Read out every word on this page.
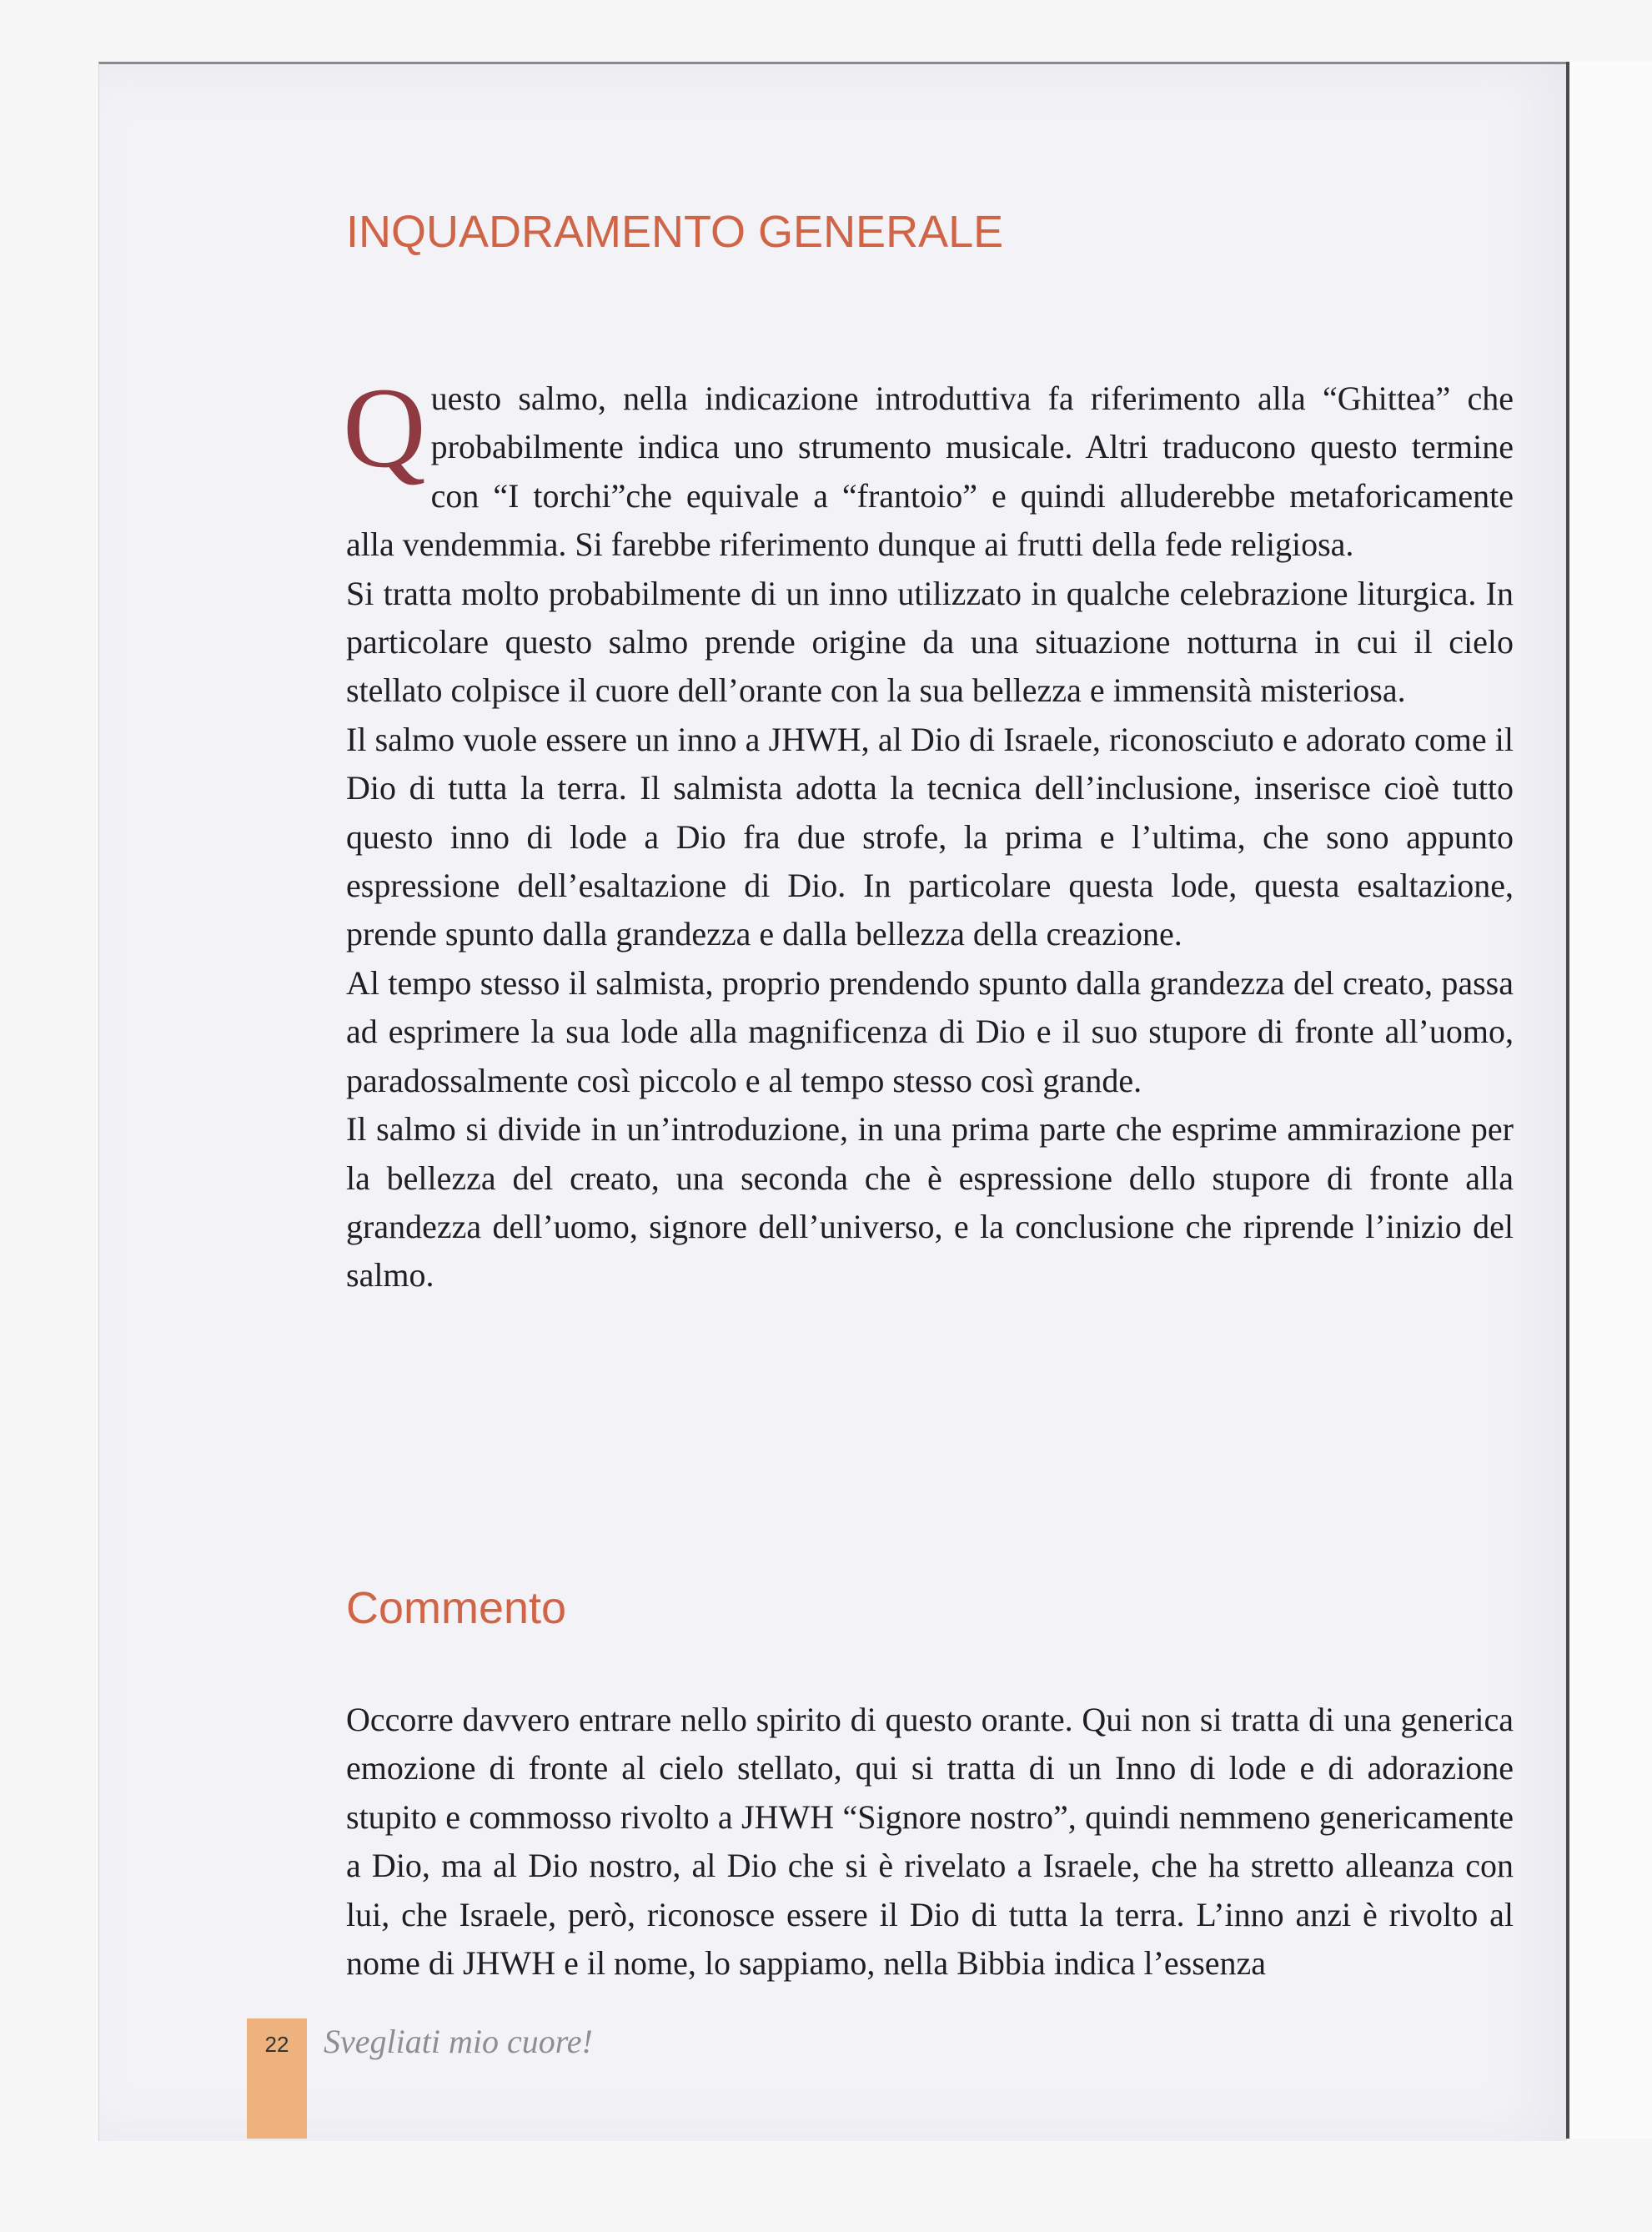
INQUADRAMENTO GENERALE

Questo salmo, nella indicazione introduttiva fa riferimento alla “Ghittea” che probabilmente indica uno strumento musicale. Altri traducono questo termine con “I torchi”che equivale a “frantoio” e quindi alluderebbe metaforicamente alla vendemmia. Si farebbe riferimento dunque ai frutti della fede religiosa.

Si tratta molto probabilmente di un inno utilizzato in qualche celebrazione liturgica. In particolare questo salmo prende origine da una situazione notturna in cui il cielo stellato colpisce il cuore dell’orante con la sua bellezza e immensità misteriosa.

Il salmo vuole essere un inno a JHWH, al Dio di Israele, riconosciuto e adorato come il Dio di tutta la terra. Il salmista adotta la tecnica dell’inclusione, inserisce cioè tutto questo inno di lode a Dio fra due strofe, la prima e l’ultima, che sono appunto espressione dell’esaltazione di Dio. In particolare questa lode, questa esaltazione, prende spunto dalla grandezza e dalla bellezza della creazione.

Al tempo stesso il salmista, proprio prendendo spunto dalla grandezza del creato, passa ad esprimere la sua lode alla magnificenza di Dio e il suo stupore di fronte all’uomo, paradossalmente così piccolo e al tempo stesso così grande.

Il salmo si divide in un’introduzione, in una prima parte che esprime ammirazione per la bellezza del creato, una seconda che è espressione dello stupore di fronte alla grandezza dell’uomo, signore dell’universo, e la conclusione che riprende l’inizio del salmo.

Commento

Occorre davvero entrare nello spirito di questo orante. Qui non si tratta di una generica emozione di fronte al cielo stellato, qui si tratta di un Inno di lode e di adorazione stupito e commosso rivolto a JHWH “Signore nostro”, quindi nemmeno genericamente a Dio, ma al Dio nostro, al Dio che si è rivelato a Israele, che ha stretto alleanza con lui, che Israele, però, riconosce essere il Dio di tutta la terra. L’inno anzi è rivolto al nome di JHWH e il nome, lo sappiamo, nella Bibbia indica l’essenza

22	Svegliati mio cuore!
